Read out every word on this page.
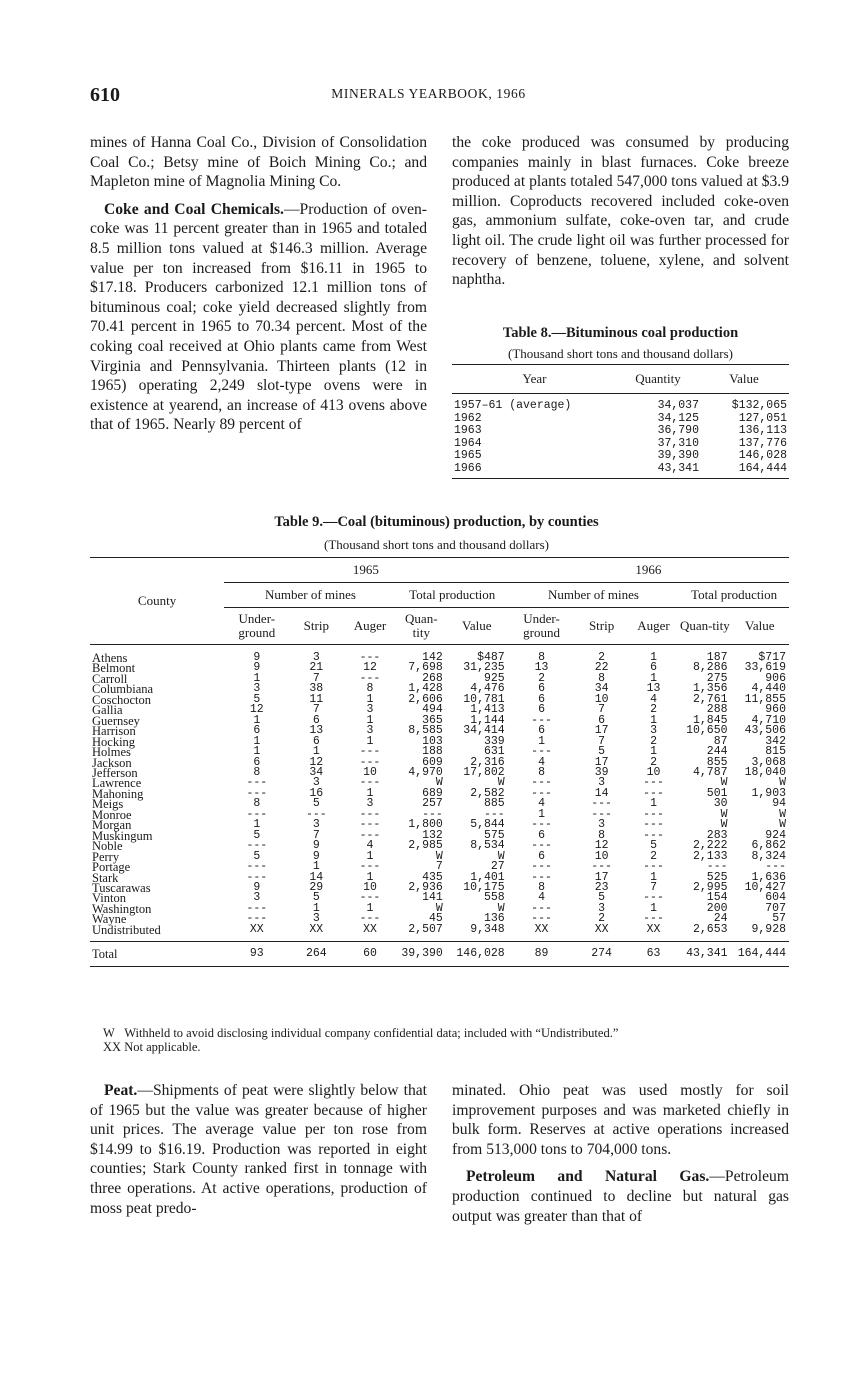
610	MINERALS YEARBOOK, 1966

mines of Hanna Coal Co., Division of Consolidation Coal Co.; Betsy mine of Boich Mining Co.; and Mapleton mine of Magnolia Mining Co.

Coke and Coal Chemicals.—Production of oven-coke was 11 percent greater than in 1965 and totaled 8.5 million tons valued at $146.3 million. Average value per ton increased from $16.11 in 1965 to $17.18. Producers carbonized 12.1 million tons of bituminous coal; coke yield decreased slightly from 70.41 percent in 1965 to 70.34 percent. Most of the coking coal received at Ohio plants came from West Virginia and Pennsylvania. Thirteen plants (12 in 1965) operating 2,249 slot-type ovens were in existence at yearend, an increase of 413 ovens above that of 1965. Nearly 89 percent of

the coke produced was consumed by producing companies mainly in blast furnaces. Coke breeze produced at plants totaled 547,000 tons valued at $3.9 million. Coproducts recovered included coke-oven gas, ammonium sulfate, coke-oven tar, and crude light oil. The crude light oil was further processed for recovery of benzene, toluene, xylene, and solvent naphtha.

Table 8.—Bituminous coal production
(Thousand short tons and thousand dollars)
Year	Quantity	Value
1957–61 (average)	34,037	$132,065
1962	34,125	127,051
1963	36,790	136,113
1964	37,310	137,776
1965	39,390	146,028
1966	43,341	164,444
Table 9.—Coal (bituminous) production, by counties
(Thousand short tons and thousand dollars)
County	1965					1966				
	Number of mines			Total production		Number of mines			Total production	
	Under-ground	Strip	Auger	Quan-tity	Value	Under-ground	Strip	Auger	Quan-tity	Value
Athens	9	3	---	142	$487	8	2	1	187	$717
Belmont	9	21	12	7,698	31,235	13	22	6	8,286	33,619
Carroll	1	7	---	268	925	2	8	1	275	906
Columbiana	3	38	8	1,428	4,476	6	34	13	1,356	4,440
Coschocton	5	11	1	2,606	10,781	6	10	4	2,761	11,855
Gallia	12	7	3	494	1,413	6	7	2	288	960
Guernsey	1	6	1	365	1,144	---	6	1	1,845	4,710
Harrison	6	13	3	8,585	34,414	6	17	3	10,650	43,506
Hocking	1	6	1	103	339	1	7	2	87	342
Holmes	1	1	---	188	631	---	5	1	244	815
Jackson	6	12	---	609	2,316	4	17	2	855	3,068
Jefferson	8	34	10	4,970	17,802	8	39	10	4,787	18,040
Lawrence	---	3	---	W	W	---	3	---	W	W
Mahoning	---	16	1	689	2,582	---	14	---	501	1,903
Meigs	8	5	3	257	885	4	---	1	30	94
Monroe	---	---	---	---	---	1	---	---	W	W
Morgan	1	3	---	1,800	5,844	---	3	---	W	W
Muskingum	5	7	---	132	575	6	8	---	283	924
Noble	---	9	4	2,985	8,534	---	12	5	2,222	6,862
Perry	5	9	1	W	W	6	10	2	2,133	8,324
Portage	---	1	---	7	27	---	---	---	---	---
Stark	---	14	1	435	1,401	---	17	1	525	1,636
Tuscarawas	9	29	10	2,936	10,175	8	23	7	2,995	10,427
Vinton	3	5	---	141	558	4	5	---	154	604
Washington	---	1	1	W	W	---	3	1	200	707
Wayne	---	3	---	45	136	---	2	---	24	57
Undistributed	XX	XX	XX	2,507	9,348	XX	XX	XX	2,653	9,928
Total	93	264	60	39,390	146,028	89	274	63	43,341	164,444
W Withheld to avoid disclosing individual company confidential data; included with “Undistributed.”
XX Not applicable.

Peat.—Shipments of peat were slightly below that of 1965 but the value was greater because of higher unit prices. The average value per ton rose from $14.99 to $16.19. Production was reported in eight counties; Stark County ranked first in tonnage with three operations. At active operations, production of moss peat predo-

minated. Ohio peat was used mostly for soil improvement purposes and was marketed chiefly in bulk form. Reserves at active operations increased from 513,000 tons to 704,000 tons.

Petroleum and Natural Gas.—Petroleum production continued to decline but natural gas output was greater than that of
